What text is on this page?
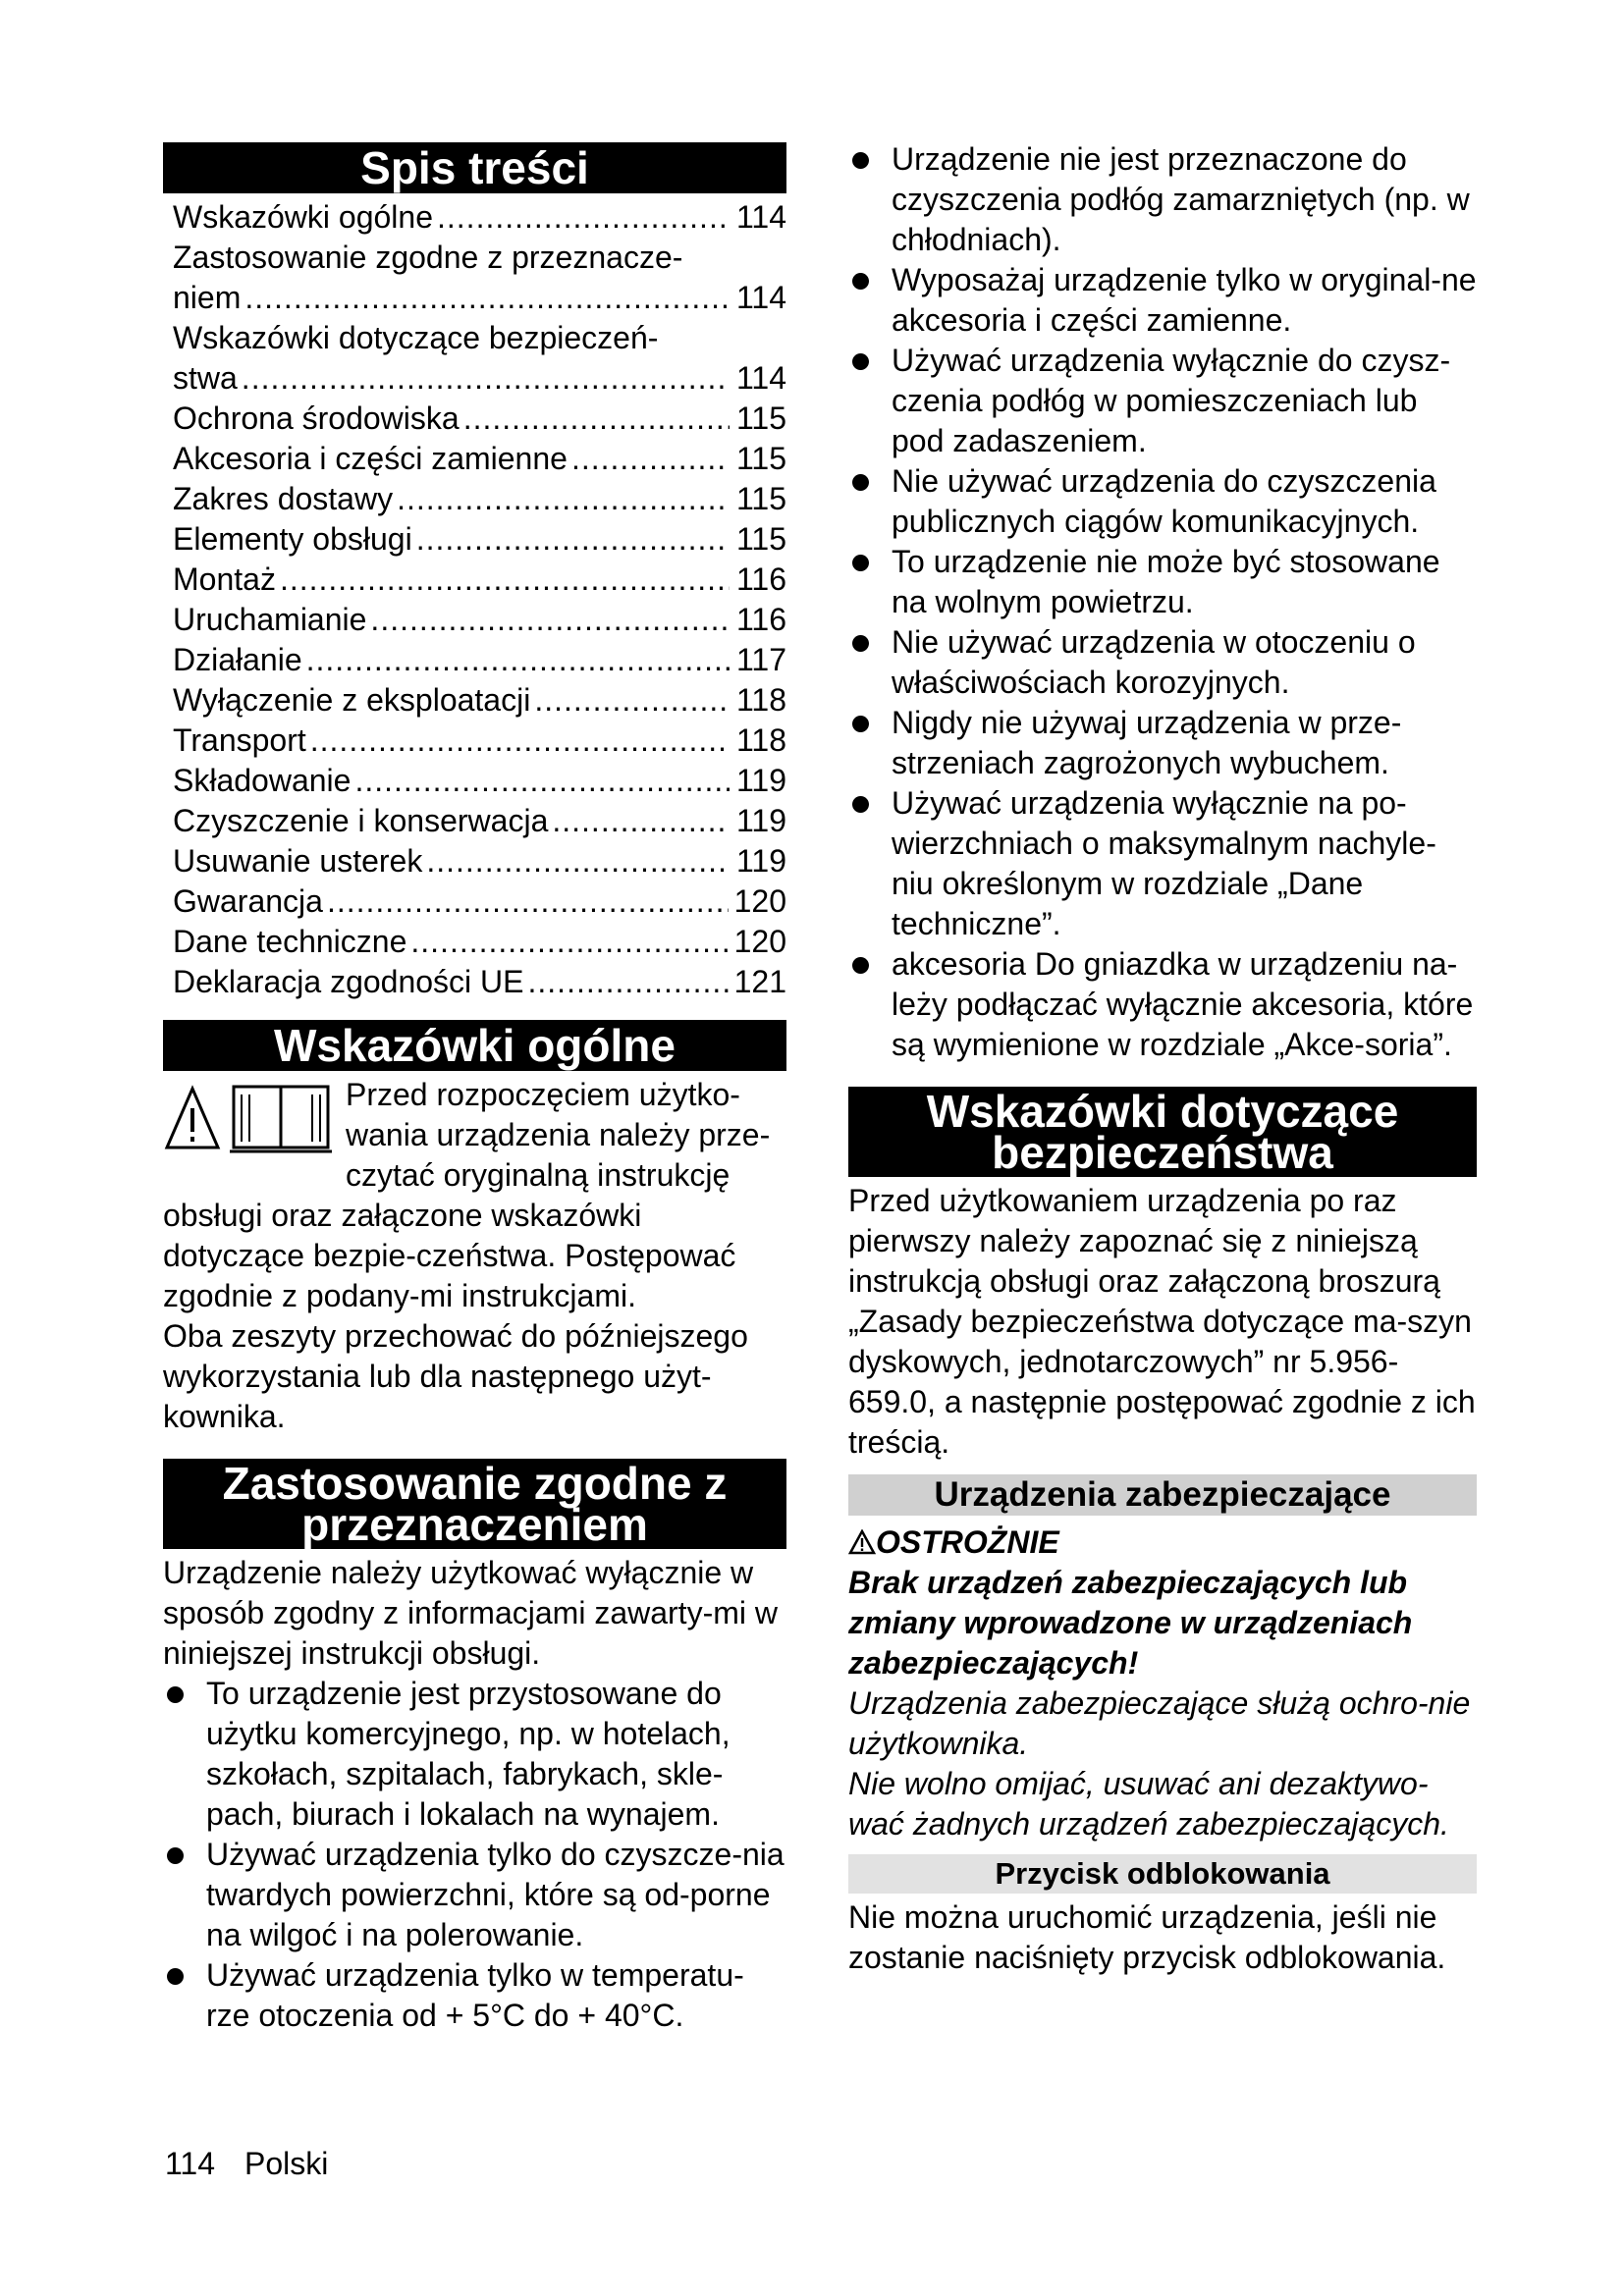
Spis treści
Wskazówki ogólne .....	114
Zastosowanie zgodne z przeznacze-
niem .....	114
Wskazówki dotyczące bezpieczeń-
stwa .....	114
Ochrona środowiska .....	115
Akcesoria i części zamienne .....	115
Zakres dostawy .....	115
Elementy obsługi .....	115
Montaż .....	116
Uruchamianie .....	116
Działanie .....	117
Wyłączenie z eksploatacji .....	118
Transport .....	118
Składowanie .....	119
Czyszczenie i konserwacja .....	119
Usuwanie usterek .....	119
Gwarancja .....	120
Dane techniczne .....	120
Deklaracja zgodności UE .....	121
Wskazówki ogólne
Przed rozpoczęciem użytko-wania urządzenia należy prze-czytać oryginalną instrukcję obsługi oraz załączone wskazówki dotyczące bezpie-czeństwa. Postępować zgodnie z podany-mi instrukcjami.

Oba zeszyty przechować do późniejszego wykorzystania lub dla następnego użyt-kownika.

Zastosowanie zgodne z
przeznaczeniem

Urządzenie należy użytkować wyłącznie w sposób zgodny z informacjami zawarty-mi w niniejszej instrukcji obsługi.

To urządzenie jest przystosowane do użytku komercyjnego, np. w hotelach, szkołach, szpitalach, fabrykach, skle-pach, biurach i lokalach na wynajem.
Używać urządzenia tylko do czyszcze-nia twardych powierzchni, które są od-porne na wilgoć i na polerowanie.
Używać urządzenia tylko w temperatu-rze otoczenia od + 5°C do + 40°C.
Urządzenie nie jest przeznaczone do czyszczenia podłóg zamarzniętych (np. w chłodniach).
Wyposażaj urządzenie tylko w oryginal-ne akcesoria i części zamienne.
Używać urządzenia wyłącznie do czysz-czenia podłóg w pomieszczeniach lub pod zadaszeniem.
Nie używać urządzenia do czyszczenia publicznych ciągów komunikacyjnych.
To urządzenie nie może być stosowane na wolnym powietrzu.
Nie używać urządzenia w otoczeniu o właściwościach korozyjnych.
Nigdy nie używaj urządzenia w prze-strzeniach zagrożonych wybuchem.
Używać urządzenia wyłącznie na po-wierzchniach o maksymalnym nachyle-niu określonym w rozdziale „Dane techniczne”.
akcesoria Do gniazdka w urządzeniu na-leży podłączać wyłącznie akcesoria, które są wymienione w rozdziale „Akce-soria”.
Wskazówki dotyczące
bezpieczeństwa

Przed użytkowaniem urządzenia po raz pierwszy należy zapoznać się z niniejszą instrukcją obsługi oraz załączoną broszurą „Zasady bezpieczeństwa dotyczące ma-szyn dyskowych, jednotarczowych” nr 5.956-659.0, a następnie postępować zgodnie z ich treścią.

Urządzenia zabezpieczające
OSTROŻNIE
Brak urządzeń zabezpieczających lub zmiany wprowadzone w urządzeniach zabezpieczających!
Urządzenia zabezpieczające służą ochro-nie użytkownika.
Nie wolno omijać, usuwać ani dezaktywo-wać żadnych urządzeń zabezpieczających.
Przycisk odblokowania

Nie można uruchomić urządzenia, jeśli nie zostanie naciśnięty przycisk odblokowania.

114 Polski
